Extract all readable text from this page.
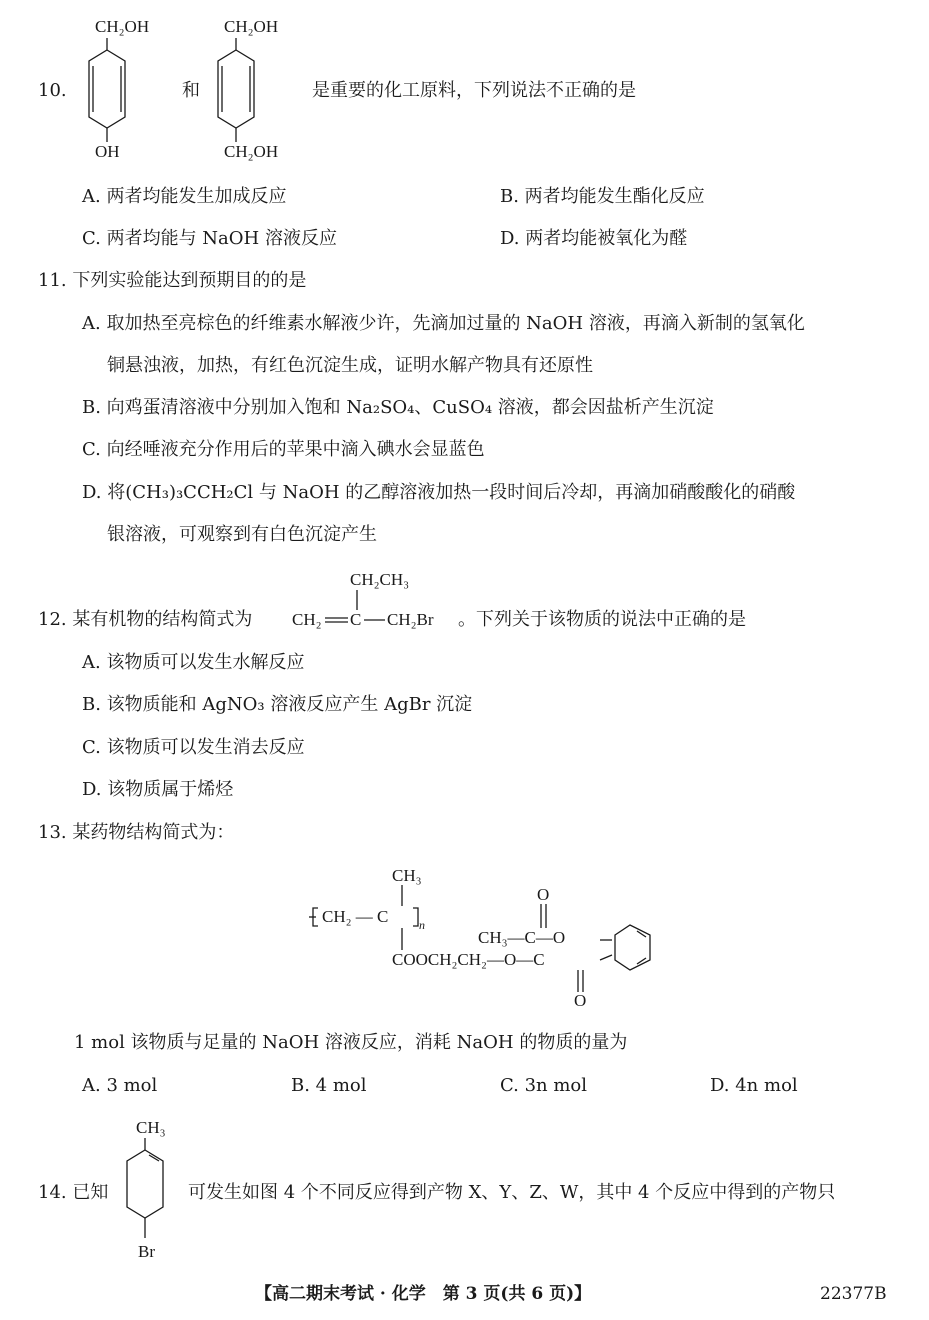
10.
CH₂OH
OH
和
CH₂OH
CH₂OH
是重要的化工原料，下列说法不正确的是
A. 两者均能发生加成反应	B. 两者均能发生酯化反应
C. 两者均能与 NaOH 溶液反应	D. 两者均能被氧化为醛
11. 下列实验能达到预期目的的是
A. 取加热至亮棕色的纤维素水解液少许，先滴加过量的 NaOH 溶液，再滴入新制的氢氧化
铜悬浊液，加热，有红色沉淀生成，证明水解产物具有还原性
B. 向鸡蛋清溶液中分别加入饱和 Na₂SO₄、CuSO₄ 溶液，都会因盐析产生沉淀
C. 向经唾液充分作用后的苹果中滴入碘水会显蓝色
D. 将(CH₃)₃CCH₂Cl 与 NaOH 的乙醇溶液加热一段时间后冷却，再滴加硝酸酸化的硝酸
银溶液，可观察到有白色沉淀产生
CH₂CH₃
12. 某有机物的结构简式为 CH₂ C CH₂Br 。下列关于该物质的说法中正确的是
A. 该物质可以发生水解反应
B. 该物质能和 AgNO₃ 溶液反应产生 AgBr 沉淀
C. 该物质可以发生消去反应
D. 该物质属于烯烃
13. 某药物结构简式为：
CH₃
CH₂ — C	n
COOCH₂CH₂—O—C
CH₃—C—O
O
O
1 mol 该物质与足量的 NaOH 溶液反应，消耗 NaOH 的物质的量为
A. 3 mol	B. 4 mol	C. 3n mol	D. 4n mol
CH₃
14. 已知
Br
可发生如图 4 个不同反应得到产物 X、Y、Z、W，其中 4 个反应中得到的产物只
【高二期末考试 · 化学　第 3 页(共 6 页)】	22377B
